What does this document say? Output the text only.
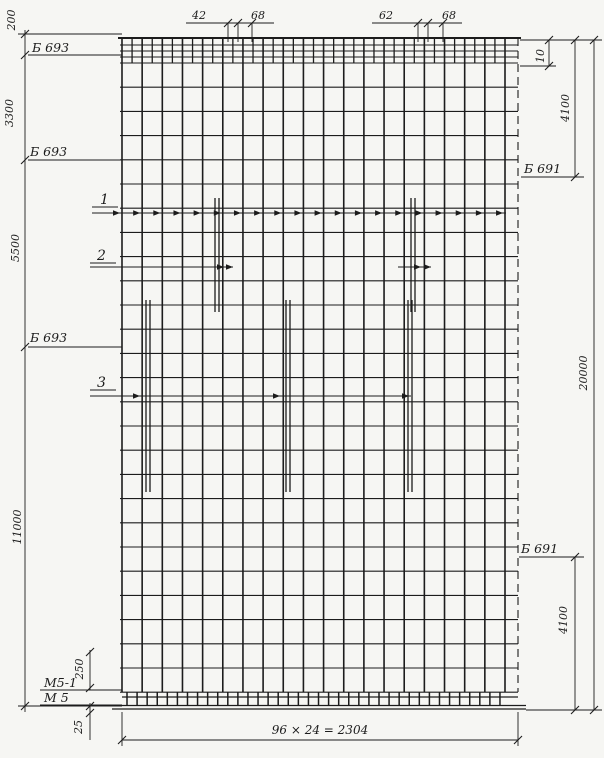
200
3300
5500
11000
Б 693
Б 693
Б 693
Б 691
Б 691
42	68	62	68
10
4100
20000
4100
1
2
3
М5-1
М 5
250
25	96 × 24 = 2304
